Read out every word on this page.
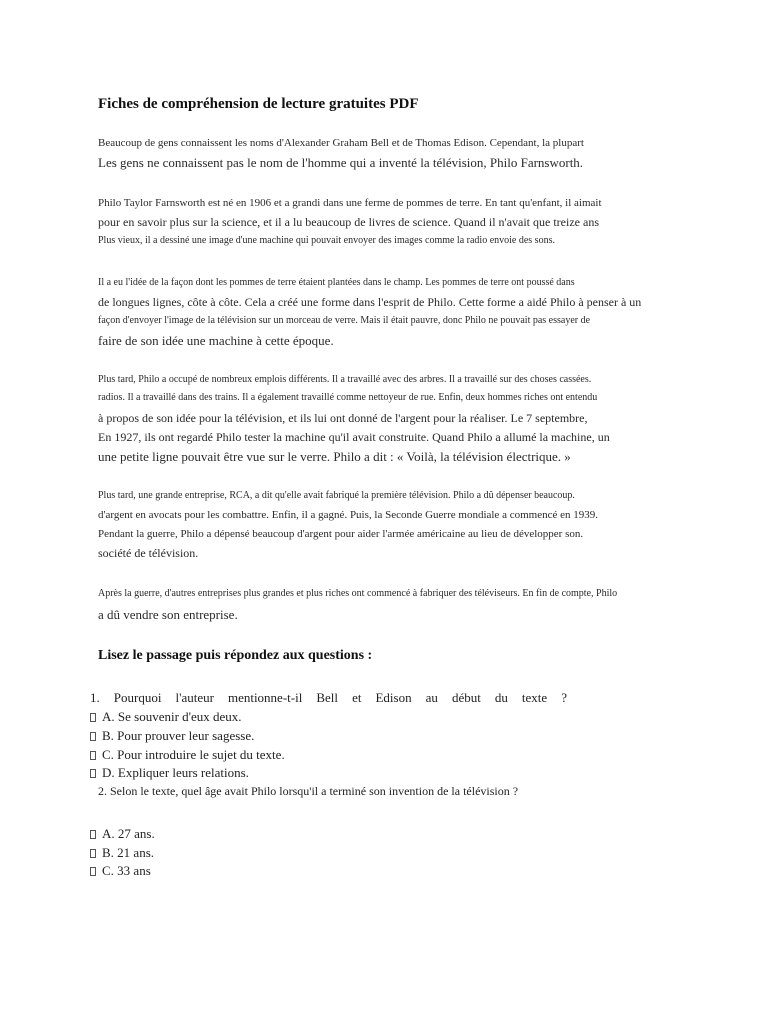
Fiches de compréhension de lecture gratuites PDF
Beaucoup de gens connaissent les noms d'Alexander Graham Bell et de Thomas Edison. Cependant, la plupart
Les gens ne connaissent pas le nom de l'homme qui a inventé la télévision, Philo Farnsworth.
Philo Taylor Farnsworth est né en 1906 et a grandi dans une ferme de pommes de terre. En tant qu'enfant, il aimait
pour en savoir plus sur la science, et il a lu beaucoup de livres de science. Quand il n'avait que treize ans
Plus vieux, il a dessiné une image d'une machine qui pouvait envoyer des images comme la radio envoie des sons.
Il a eu l'idée de la façon dont les pommes de terre étaient plantées dans le champ. Les pommes de terre ont poussé dans
de longues lignes, côte à côte. Cela a créé une forme dans l'esprit de Philo. Cette forme a aidé Philo à penser à un
façon d'envoyer l'image de la télévision sur un morceau de verre. Mais il était pauvre, donc Philo ne pouvait pas essayer de
faire de son idée une machine à cette époque.
Plus tard, Philo a occupé de nombreux emplois différents. Il a travaillé avec des arbres. Il a travaillé sur des choses cassées.
radios. Il a travaillé dans des trains. Il a également travaillé comme nettoyeur de rue. Enfin, deux hommes riches ont entendu
à propos de son idée pour la télévision, et ils lui ont donné de l'argent pour la réaliser. Le 7 septembre,
En 1927, ils ont regardé Philo tester la machine qu'il avait construite. Quand Philo a allumé la machine, un
une petite ligne pouvait être vue sur le verre. Philo a dit : « Voilà, la télévision électrique. »
Plus tard, une grande entreprise, RCA, a dit qu'elle avait fabriqué la première télévision. Philo a dû dépenser beaucoup.
d'argent en avocats pour les combattre. Enfin, il a gagné. Puis, la Seconde Guerre mondiale a commencé en 1939.
Pendant la guerre, Philo a dépensé beaucoup d'argent pour aider l'armée américaine au lieu de développer son.
société de télévision.
Après la guerre, d'autres entreprises plus grandes et plus riches ont commencé à fabriquer des téléviseurs. En fin de compte, Philo
a dû vendre son entreprise.
Lisez le passage puis répondez aux questions :
1. Pourquoi l'auteur mentionne-t-il Bell et Edison au début du texte ?
A. Se souvenir d'eux deux.
B. Pour prouver leur sagesse.
C. Pour introduire le sujet du texte.
D. Expliquer leurs relations.
2. Selon le texte, quel âge avait Philo lorsqu'il a terminé son invention de la télévision ?
A. 27 ans.
B. 21 ans.
C. 33 ans
